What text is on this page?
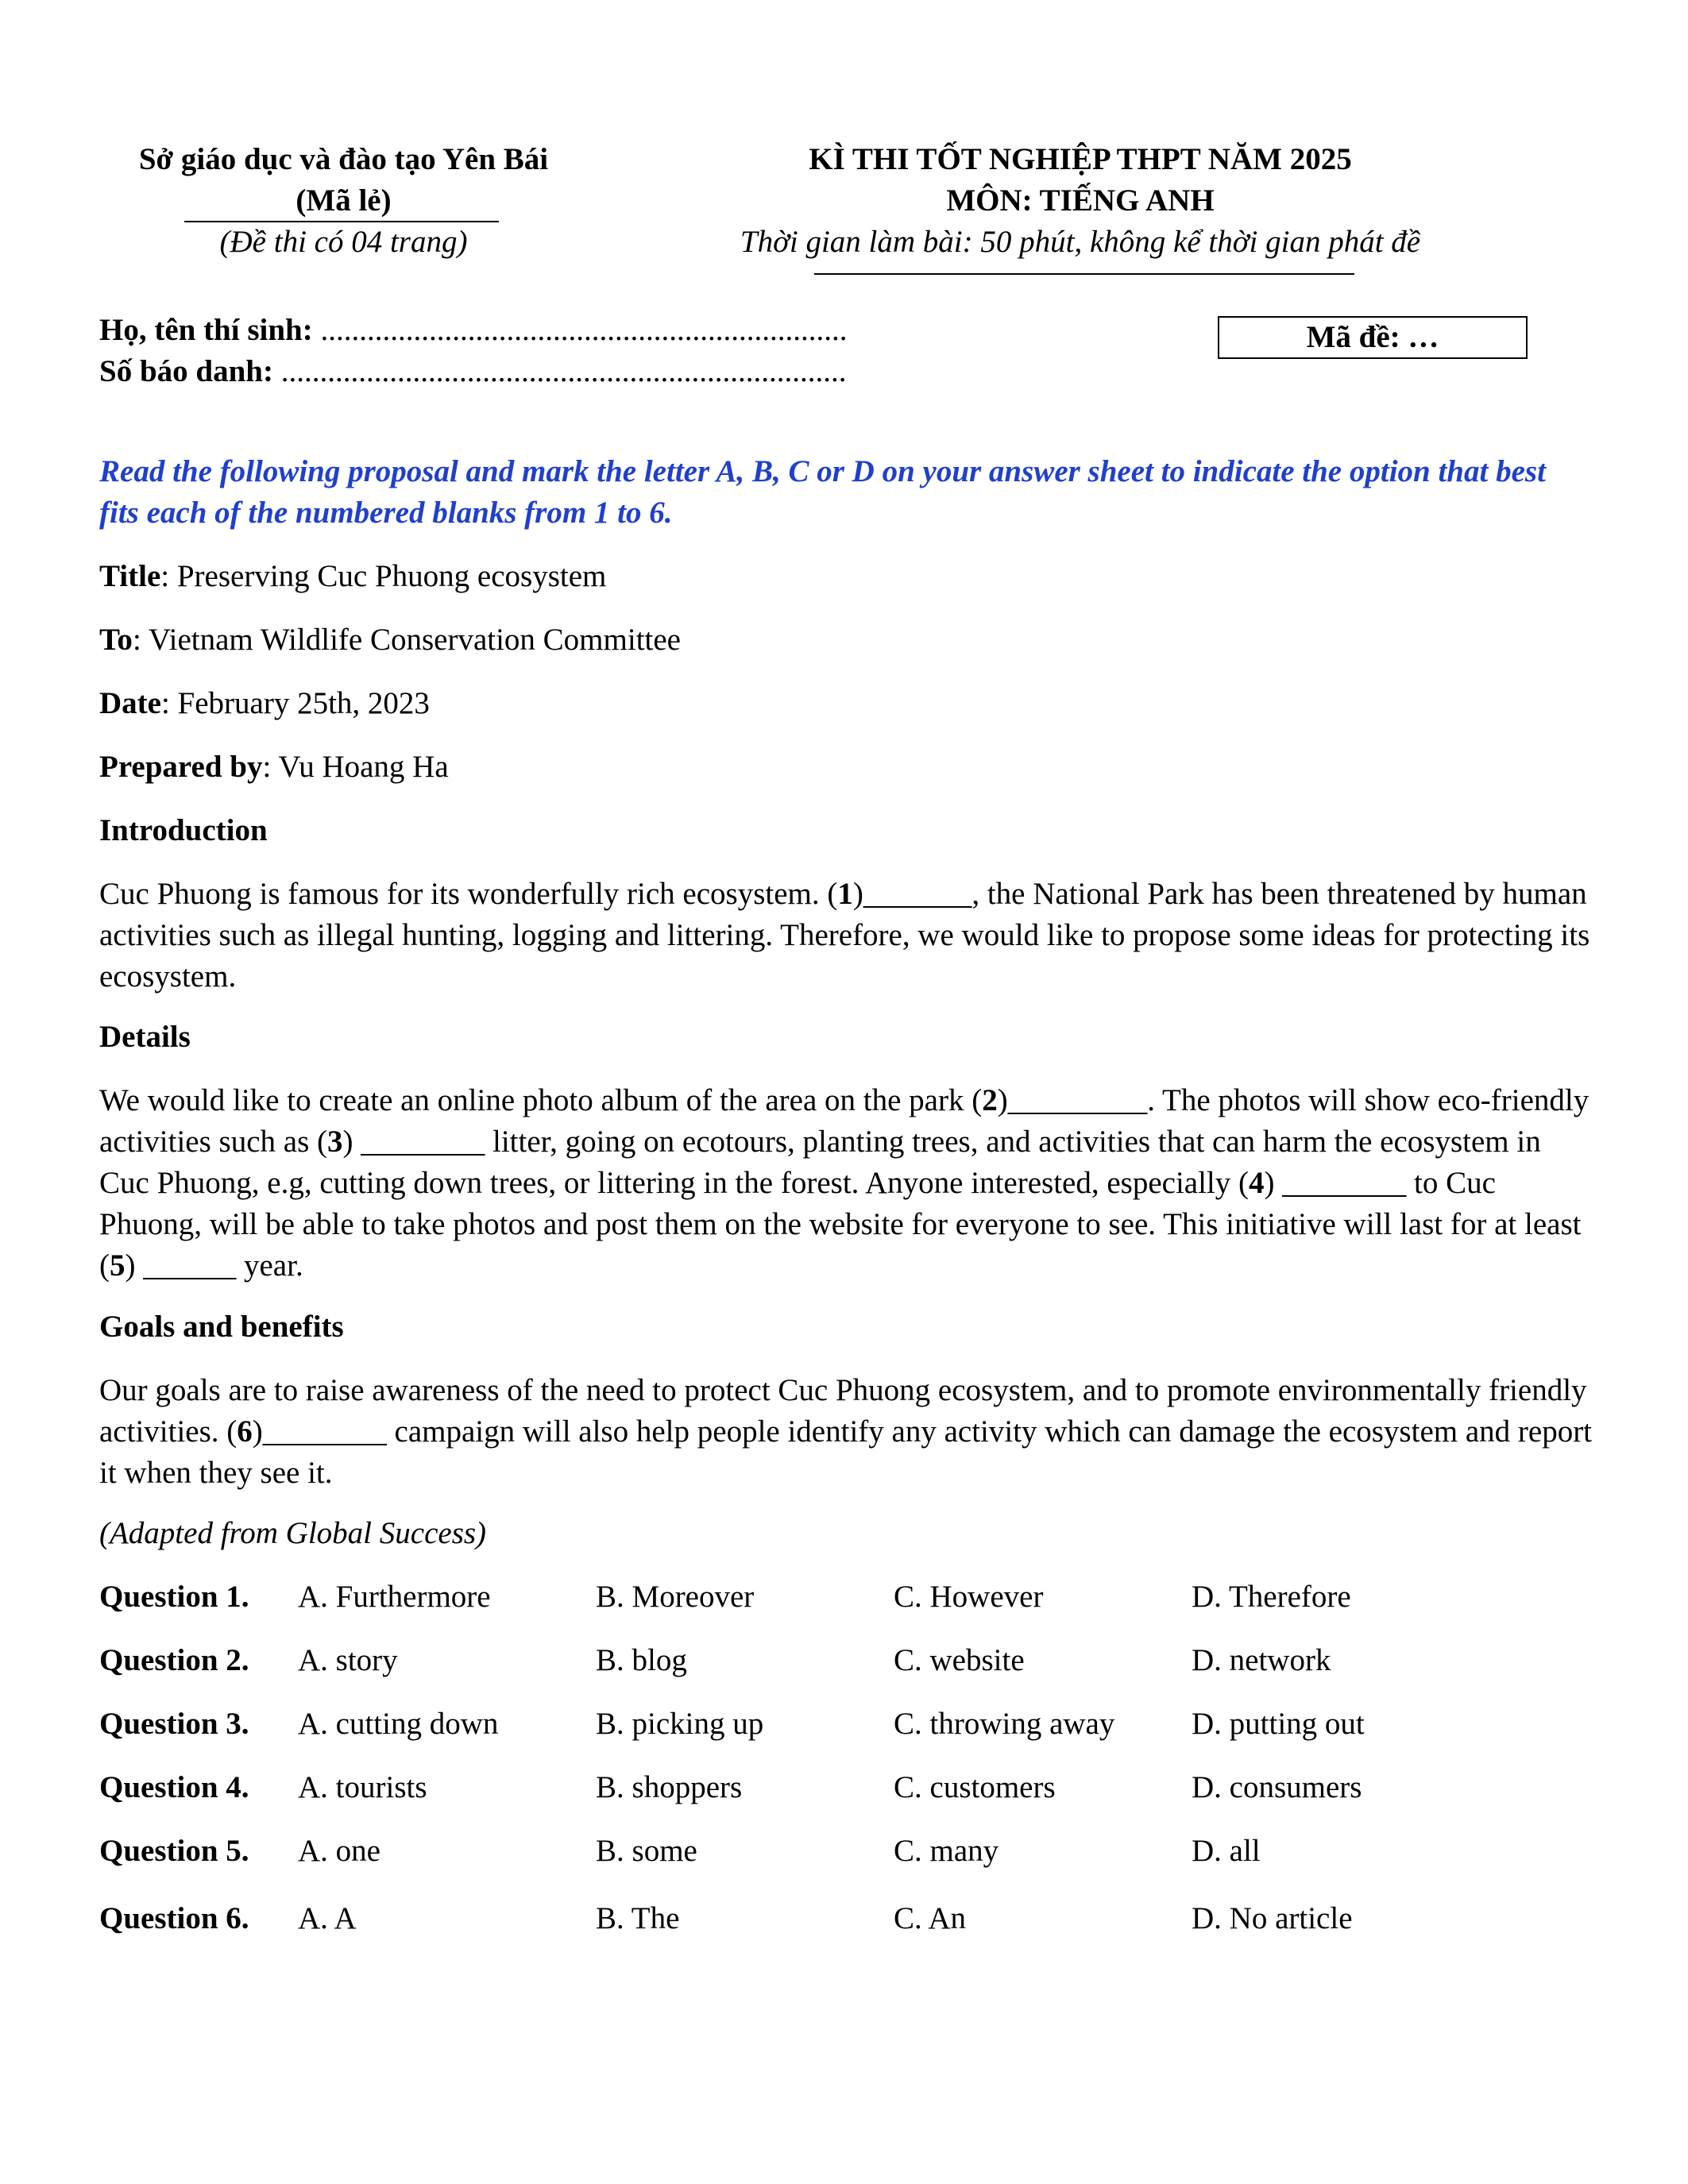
Sở giáo dục và đào tạo Yên Bái
(Mã lẻ)
(Đề thi có 04 trang)
KÌ THI TỐT NGHIỆP THPT NĂM 2025
MÔN: TIẾNG ANH
Thời gian làm bài: 50 phút, không kể thời gian phát đề
Họ, tên thí sinh: ....................................................................
Số báo danh: .........................................................................
Mã đề: …
Read the following proposal and mark the letter A, B, C or D on your answer sheet to indicate the option that best fits each of the numbered blanks from 1 to 6.
Title: Preserving Cuc Phuong ecosystem
To: Vietnam Wildlife Conservation Committee
Date: February 25th, 2023
Prepared by: Vu Hoang Ha
Introduction
Cuc Phuong is famous for its wonderfully rich ecosystem. (1)_______, the National Park has been threatened by human activities such as illegal hunting, logging and littering. Therefore, we would like to propose some ideas for protecting its ecosystem.
Details
We would like to create an online photo album of the area on the park (2)_________. The photos will show eco-friendly activities such as (3) ________ litter, going on ecotours, planting trees, and activities that can harm the ecosystem in Cuc Phuong, e.g, cutting down trees, or littering in the forest. Anyone interested, especially (4) ________ to Cuc Phuong, will be able to take photos and post them on the website for everyone to see. This initiative will last for at least (5) ______ year.
Goals and benefits
Our goals are to raise awareness of the need to protect Cuc Phuong ecosystem, and to promote environmentally friendly activities. (6)________ campaign will also help people identify any activity which can damage the ecosystem and report it when they see it.
(Adapted from Global Success)
Question 1. A. Furthermore	B. Moreover	C. However	D. Therefore
Question 2. A. story	B. blog	C. website	D. network
Question 3. A. cutting down	B. picking up	C. throwing away D. putting out
Question 4. A. tourists	B. shoppers	C. customers	D. consumers
Question 5. A. one	B. some	C. many	D. all
Question 6. A. A	B. The	C. An	D. No article
